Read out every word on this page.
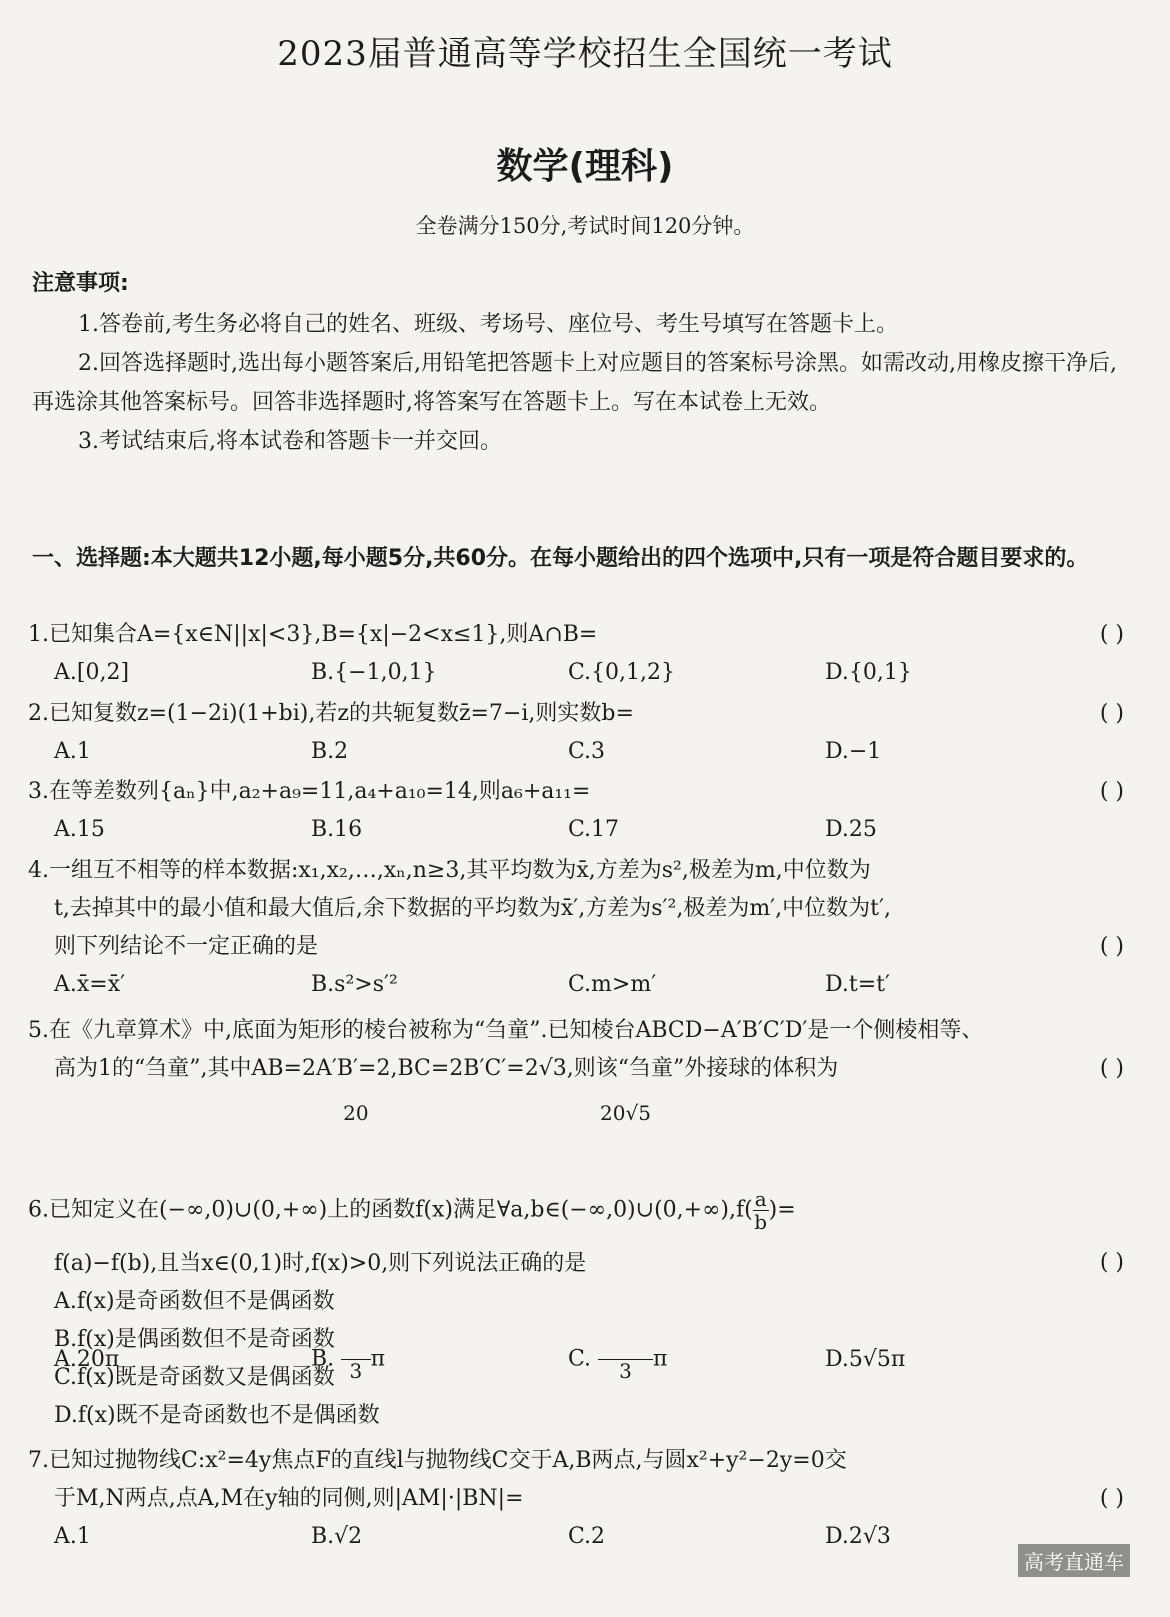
2023届普通高等学校招生全国统一考试
数学(理科)
全卷满分150分,考试时间120分钟。
注意事项:

1.答卷前,考生务必将自己的姓名、班级、考场号、座位号、考生号填写在答题卡上。

2.回答选择题时,选出每小题答案后,用铅笔把答题卡上对应题目的答案标号涂黑。如需改动,用橡皮擦干净后,再选涂其他答案标号。回答非选择题时,将答案写在答题卡上。写在本试卷上无效。

3.考试结束后,将本试卷和答题卡一并交回。

一、选择题:本大题共12小题,每小题5分,共60分。在每小题给出的四个选项中,只有一项是符合题目要求的。
( )
1.已知集合A={x∈N||x|<3},B={x|−2<x≤1},则A∩B=
A.[0,2]	B.{−1,0,1}	C.{0,1,2}	D.{0,1}
( )
2.已知复数z=(1−2i)(1+bi),若z的共轭复数z̄=7−i,则实数b=
A.1	B.2	C.3	D.−1
( )
3.在等差数列{aₙ}中,a₂+a₉=11,a₄+a₁₀=14,则a₆+a₁₁=
A.15	B.16	C.17	D.25
( )
4.一组互不相等的样本数据:x₁,x₂,…,xₙ,n≥3,其平均数为x̄,方差为s²,极差为m,中位数为
t,去掉其中的最小值和最大值后,余下数据的平均数为x̄′,方差为s′²,极差为m′,中位数为t′,
则下列结论不一定正确的是
A.x̄=x̄′	B.s²>s′²	C.m>m′	D.t=t′
( )
5.在《九章算术》中,底面为矩形的棱台被称为“刍童”.已知棱台ABCD−A′B′C′D′是一个侧棱相等、
高为1的“刍童”,其中AB=2A′B′=2,BC=2B′C′=2√3,则该“刍童”外接球的体积为
A.20π	B. $\frac{20}{3}$ π	C. $\frac{20√5}{3}$ π	D.5√5π
( )
6.已知定义在(−∞,0)∪(0,+∞)上的函数f(x)满足∀a,b∈(−∞,0)∪(0,+∞),f( $\frac{a}{b}$ )=
f(a)−f(b),且当x∈(0,1)时,f(x)>0,则下列说法正确的是
A.f(x)是奇函数但不是偶函数
B.f(x)是偶函数但不是奇函数
C.f(x)既是奇函数又是偶函数
D.f(x)既不是奇函数也不是偶函数
( )
7.已知过抛物线C:x²=4y焦点F的直线l与抛物线C交于A,B两点,与圆x²+y²−2y=0交
于M,N两点,点A,M在y轴的同侧,则|AM|·|BN|=
A.1	B.√2	C.2	D.2√3
高考直通车
